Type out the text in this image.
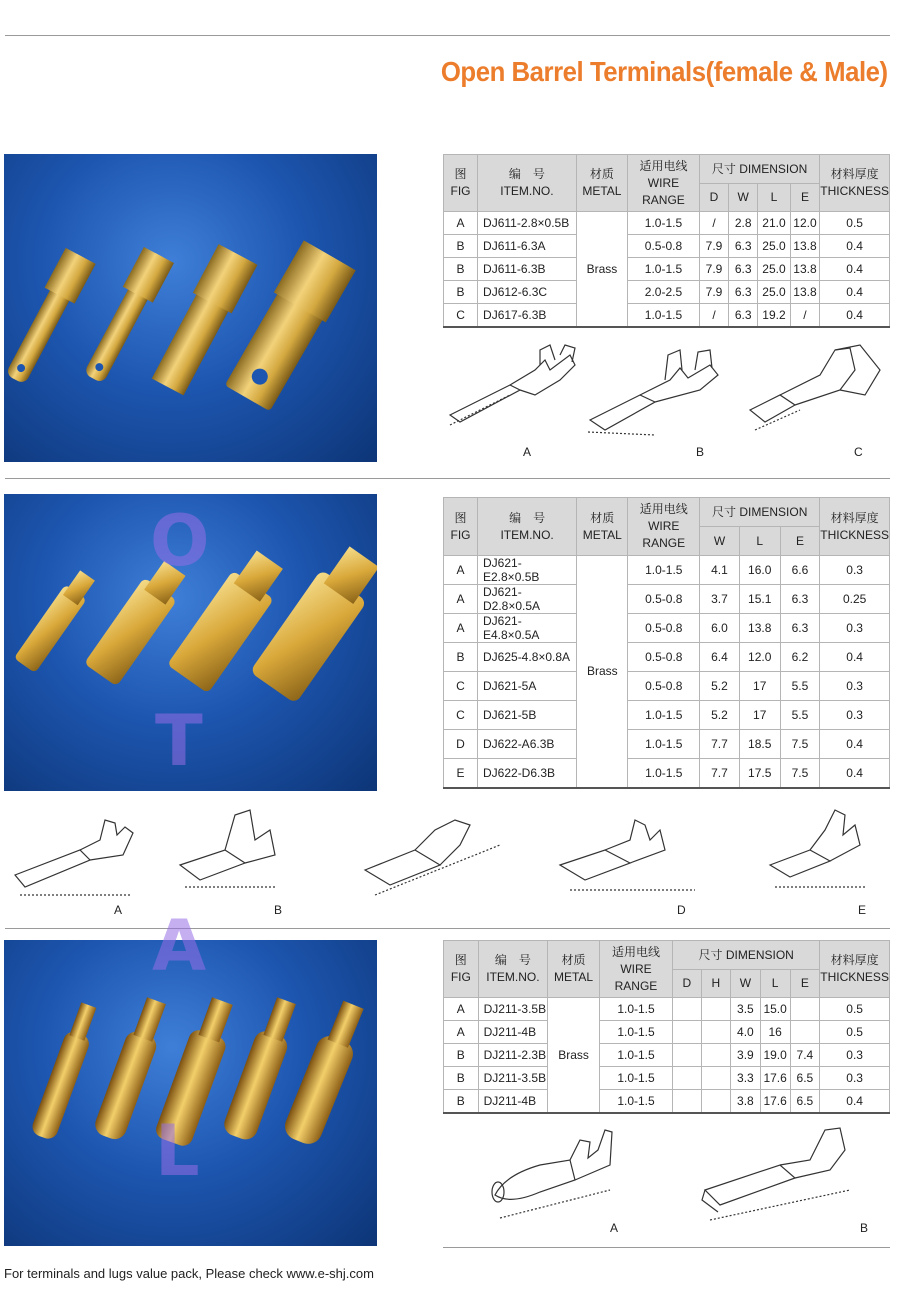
Open Barrel Terminals(female & Male)
图
FIG	编　号
ITEM.NO.	材质
METAL	适用电线
WIRE RANGE	尺寸 DIMENSION				材料厚度
THICKNESS
				D	W	L	E	
A	DJ611-2.8×0.5B	Brass	1.0-1.5	/	2.8	21.0	12.0	0.5
B	DJ611-6.3A		0.5-0.8	7.9	6.3	25.0	13.8	0.4
B	DJ611-6.3B		1.0-1.5	7.9	6.3	25.0	13.8	0.4
B	DJ612-6.3C		2.0-2.5	7.9	6.3	25.0	13.8	0.4
C	DJ617-6.3B		1.0-1.5	/	6.3	19.2	/	0.4
A	B	C
图
FIG	编　号
ITEM.NO.	材质
METAL	适用电线
WIRE RANGE	尺寸 DIMENSION			材料厚度
THICKNESS
				W	L	E	
A	DJ621-E2.8×0.5B	Brass	1.0-1.5	4.1	16.0	6.6	0.3
A	DJ621-D2.8×0.5A		0.5-0.8	3.7	15.1	6.3	0.25
A	DJ621-E4.8×0.5A		0.5-0.8	6.0	13.8	6.3	0.3
B	DJ625-4.8×0.8A		0.5-0.8	6.4	12.0	6.2	0.4
C	DJ621-5A		0.5-0.8	5.2	17	5.5	0.3
C	DJ621-5B		1.0-1.5	5.2	17	5.5	0.3
D	DJ622-A6.3B		1.0-1.5	7.7	18.5	7.5	0.4
E	DJ622-D6.3B		1.0-1.5	7.7	17.5	7.5	0.4
A	B	D	E
图
FIG	编　号
ITEM.NO.	材质
METAL	适用电线
WIRE RANGE	尺寸 DIMENSION					材料厚度
THICKNESS
				D	H	W	L	E	
A	DJ211-3.5B	Brass	1.0-1.5			3.5	15.0		0.5
A	DJ211-4B		1.0-1.5			4.0	16		0.5
B	DJ211-2.3B		1.0-1.5			3.9	19.0	7.4	0.3
B	DJ211-3.5B		1.0-1.5			3.3	17.6	6.5	0.3
B	DJ211-4B		1.0-1.5			3.8	17.6	6.5	0.4
A	B
O
T
A
L
For terminals and lugs value pack, Please check www.e-shj.com
